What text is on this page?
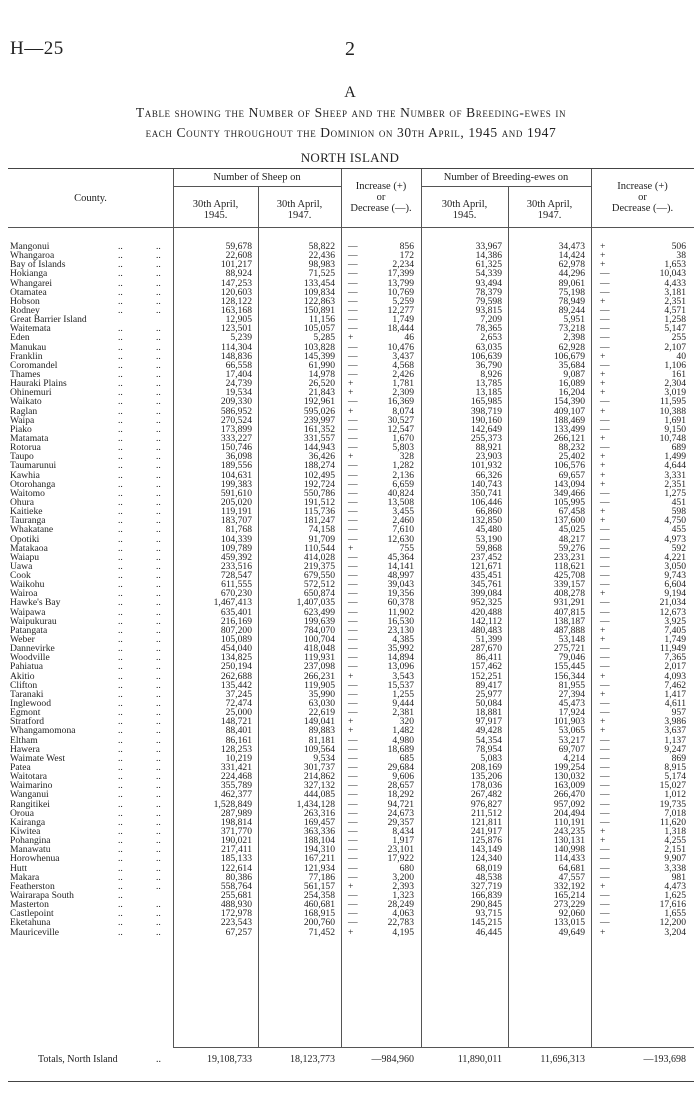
H—25	2
A
Table showing the Number of Sheep and the Number of Breeding-ewes in
each County throughout the Dominion on 30th April, 1945 and 1947
NORTH ISLAND
County.
Number of Sheep on	Number of Breeding-ewes on
30th April,
1945.
30th April,
1947.
Increase (+)
or
Decrease (—).	30th April,
1945.
30th April,
1947.
Increase (+)
or
Decrease (—).
Mangonui	..	..	59,678	58,822 —	856	33,967	34,473 +	506
Whangaroa	..	..	22,608	22,436 —	172	14,386	14,424 +	38
Bay of Islands	..	..	101,217	98,983 —	2,234	61,325	62,978 +	1,653
Hokianga	..	..	88,924	71,525 —	17,399	54,339	44,296 —	10,043
Whangarei	..	..	147,253	133,454 —	13,799	93,494	89,061 —	4,433
Otamatea	..	..	120,603	109,834 —	10,769	78,379	75,198 —	3,181
Hobson	..	..	128,122	122,863 —	5,259	79,598	78,949 +	2,351
Rodney	..	..	163,168	150,891 —	12,277	93,815	89,244 —	4,571
Great Barrier Island	12,905	11,156 —	1,749	7,209	5,951 —	1,258
Waitemata	..	..	123,501	105,057 —	18,444	78,365	73,218 —	5,147
Eden	..	..	5,239	5,285 +	46	2,653	2,398 —	255
Manukau	..	..	114,304	103,828 —	10,476	63,035	62,928 —	2,107
Franklin	..	..	148,836	145,399 —	3,437	106,639	106,679 +	40
Coromandel	..	..	66,558	61,990 —	4,568	36,790	35,684 —	1,106
Thames	..	..	17,404	14,978 —	2,426	8,926	9,087 +	161
Hauraki Plains	..	..	24,739	26,520 +	1,781	13,785	16,089 +	2,304
Ohinemuri	..	..	19,534	21,843 +	2,309	13,185	16,204 +	3,019
Waikato	..	..	209,330	192,961 —	16,369	165,985	154,390 —	11,595
Raglan	..	..	586,952	595,026 +	8,074	398,719	409,107 +	10,388
Waipa	..	..	270,524	239,997 —	30,527	190,160	188,469 —	1,691
Piako	..	..	173,899	161,352 —	12,547	142,649	133,499 —	9,150
Matamata	..	..	333,227	331,557 —	1,670	255,373	266,121 +	10,748
Rotorua	..	..	150,746	144,943 —	5,803	88,921	88,232 —	689
Taupo	..	..	36,098	36,426 +	328	23,903	25,402 +	1,499
Taumarunui	..	..	189,556	188,274 —	1,282	101,932	106,576 +	4,644
Kawhia	..	..	104,631	102,495 —	2,136	66,326	69,657 +	3,331
Otorohanga	..	..	199,383	192,724 —	6,659	140,743	143,094 +	2,351
Waitomo	..	..	591,610	550,786 —	40,824	350,741	349,466 —	1,275
Ohura	..	..	205,020	191,512 —	13,508	106,446	105,995 —	451
Kaitieke	..	..	119,191	115,736 —	3,455	66,860	67,458 +	598
Tauranga	..	..	183,707	181,247 —	2,460	132,850	137,600 +	4,750
Whakatane	..	..	81,768	74,158 —	7,610	45,480	45,025 —	455
Opotiki	..	..	104,339	91,709 —	12,630	53,190	48,217 —	4,973
Matakaoa	..	..	109,789	110,544 +	755	59,868	59,276 —	592
Waiapu	..	..	459,392	414,028 —	45,364	237,452	233,231 —	4,221
Uawa	..	..	233,516	219,375 —	14,141	121,671	118,621 —	3,050
Cook	..	..	728,547	679,550 —	48,997	435,451	425,708 —	9,743
Waikohu	..	..	611,555	572,512 —	39,043	345,761	339,157 —	6,604
Wairoa	..	..	670,230	650,874 —	19,356	399,084	408,278 +	9,194
Hawke's Bay	..	..	1,467,413	1,407,035 —	60,378	952,325	931,291 —	21,034
Waipawa	..	..	635,401	623,499 —	11,902	420,488	407,815 —	12,673
Waipukurau	..	..	216,169	199,639 —	16,530	142,112	138,187 —	3,925
Patangata	..	..	807,200	784,070 —	23,130	480,483	487,888 +	7,405
Weber	..	..	105,089	100,704 —	4,385	51,399	53,148 +	1,749
Dannevirke	..	..	454,040	418,048 —	35,992	287,670	275,721 —	11,949
Woodville	..	..	134,825	119,931 —	14,894	86,411	79,046 —	7,365
Pahiatua	..	..	250,194	237,098 —	13,096	157,462	155,445 —	2,017
Akitio	..	..	262,688	266,231 +	3,543	152,251	156,344 +	4,093
Clifton	..	..	135,442	119,905 —	15,537	89,417	81,955 —	7,462
Taranaki	..	..	37,245	35,990 —	1,255	25,977	27,394 +	1,417
Inglewood	..	..	72,474	63,030 —	9,444	50,084	45,473 —	4,611
Egmont	..	..	25,000	22,619 —	2,381	18,881	17,924 —	957
Stratford	..	..	148,721	149,041 +	320	97,917	101,903 +	3,986
Whangamomona	..	..	88,401	89,883 +	1,482	49,428	53,065 +	3,637
Eltham	..	..	86,161	81,181 —	4,980	54,354	53,217 —	1,137
Hawera	..	..	128,253	109,564 —	18,689	78,954	69,707 —	9,247
Waimate West	..	..	10,219	9,534 —	685	5,083	4,214 —	869
Patea	..	..	331,421	301,737 —	29,684	208,169	199,254 —	8,915
Waitotara	..	..	224,468	214,862 —	9,606	135,206	130,032 —	5,174
Waimarino	..	..	355,789	327,132 —	28,657	178,036	163,009 —	15,027
Wanganui	..	..	462,377	444,085 —	18,292	267,482	266,470 —	1,012
Rangitikei	..	..	1,528,849	1,434,128 —	94,721	976,827	957,092 —	19,735
Oroua	..	..	287,989	263,316 —	24,673	211,512	204,494 —	7,018
Kairanga	..	..	198,814	169,457 —	29,357	121,811	110,191 —	11,620
Kiwitea	..	..	371,770	363,336 —	8,434	241,917	243,235 +	1,318
Pohangina	..	..	190,021	188,104 —	1,917	125,876	130,131 +	4,255
Manawatu	..	..	217,411	194,310 —	23,101	143,149	140,998 —	2,151
Horowhenua	..	..	185,133	167,211 —	17,922	124,340	114,433 —	9,907
Hutt	..	..	122,614	121,934 —	680	68,019	64,681 —	3,338
Makara	..	..	80,386	77,186 —	3,200	48,538	47,557 —	981
Featherston	..	..	558,764	561,157 +	2,393	327,719	332,192 +	4,473
Wairarapa South	..	255,681	254,358 —	1,323	166,839	165,214 —	1,625
Masterton	..	..	488,930	460,681 —	28,249	290,845	273,229 —	17,616
Castlepoint	..	..	172,978	168,915 —	4,063	93,715	92,060 —	1,655
Eketahuna	..	..	223,543	200,760 —	22,783	145,215	133,015 —	12,200
Mauriceville	..	..	67,257	71,452 +	4,195	46,445	49,649 +	3,204
Totals, North Island	..	19,108,733	18,123,773	—984,960	11,890,011	11,696,313	—193,698
